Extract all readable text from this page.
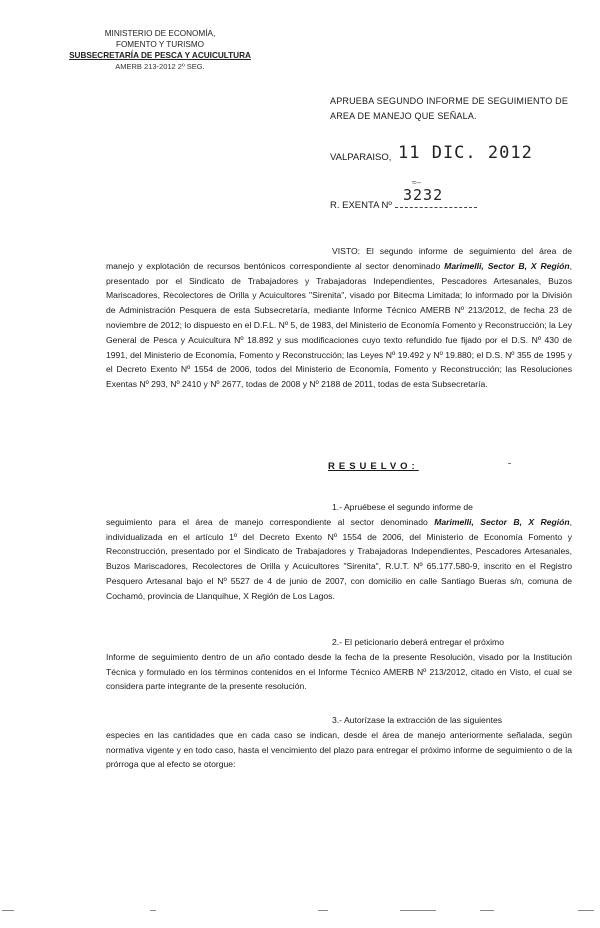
MINISTERIO DE ECONOMÍA,
FOMENTO Y TURISMO
SUBSECRETARÍA DE PESCA Y ACUICULTURA
AMERB 213-2012 2º SEG.
APRUEBA SEGUNDO INFORME DE SEGUIMIENTO DE AREA DE MANEJO QUE SEÑALA.
VALPARAISO, 11 DIC. 2012
≈‒
3232
R. EXENTA Nº
VISTO: El segundo informe de seguimiento del área de manejo y explotación de recursos bentónicos correspondiente al sector denominado Marimelli, Sector B, X Región, presentado por el Sindicato de Trabajadores y Trabajadoras Independientes, Pescadores Artesanales, Buzos Mariscadores, Recolectores de Orilla y Acuicultores "Sirenita", visado por Bitecma Limitada; lo informado por la División de Administración Pesquera de esta Subsecretaría, mediante Informe Técnico AMERB Nº 213/2012, de fecha 23 de noviembre de 2012; lo dispuesto en el D.F.L. Nº 5, de 1983, del Ministerio de Economía Fomento y Reconstrucción; la Ley General de Pesca y Acuicultura Nº 18.892 y sus modificaciones cuyo texto refundido fue fijado por el D.S. Nº 430 de 1991, del Ministerio de Economía, Fomento y Reconstrucción; las Leyes Nº 19.492 y Nº 19.880; el D.S. Nº 355 de 1995 y el Decreto Exento Nº 1554 de 2006, todos del Ministerio de Economía, Fomento y Reconstrucción; las Resoluciones Exentas Nº 293, Nº 2410 y Nº 2677, todas de 2008 y Nº 2188 de 2011, todas de esta Subsecretaría.
RESUELVO:
1.- Apruébese el segundo informe de
seguimiento para el área de manejo correspondiente al sector denominado Marimelli, Sector B, X Región, individualizada en el artículo 1º del Decreto Exento Nº 1554 de 2006, del Ministerio de Economía Fomento y Reconstrucción, presentado por el Sindicato de Trabajadores y Trabajadoras Independientes, Pescadores Artesanales, Buzos Mariscadores, Recolectores de Orilla y Acuicultores "Sirenita", R.U.T. Nº 65.177.580-9, inscrito en el Registro Pesquero Artesanal bajo el Nº 5527 de 4 de junio de 2007, con domicilio en calle Santiago Bueras s/n, comuna de Cochamó, provincia de Llanquihue, X Región de Los Lagos.
2.- El peticionario deberá entregar el próximo
Informe de seguimiento dentro de un año contado desde la fecha de la presente Resolución, visado por la Institución Técnica y formulado en los términos contenidos en el Informe Técnico AMERB Nº 213/2012, citado en Visto, el cual se considera parte integrante de la presente resolución.
3.- Autorízase la extracción de las siguientes
especies en las cantidades que en cada caso se indican, desde el área de manejo anteriormente señalada, según normativa vigente y en todo caso, hasta el vencimiento del plazo para entregar el próximo informe de seguimiento o de la prórroga que al efecto se otorgue:
